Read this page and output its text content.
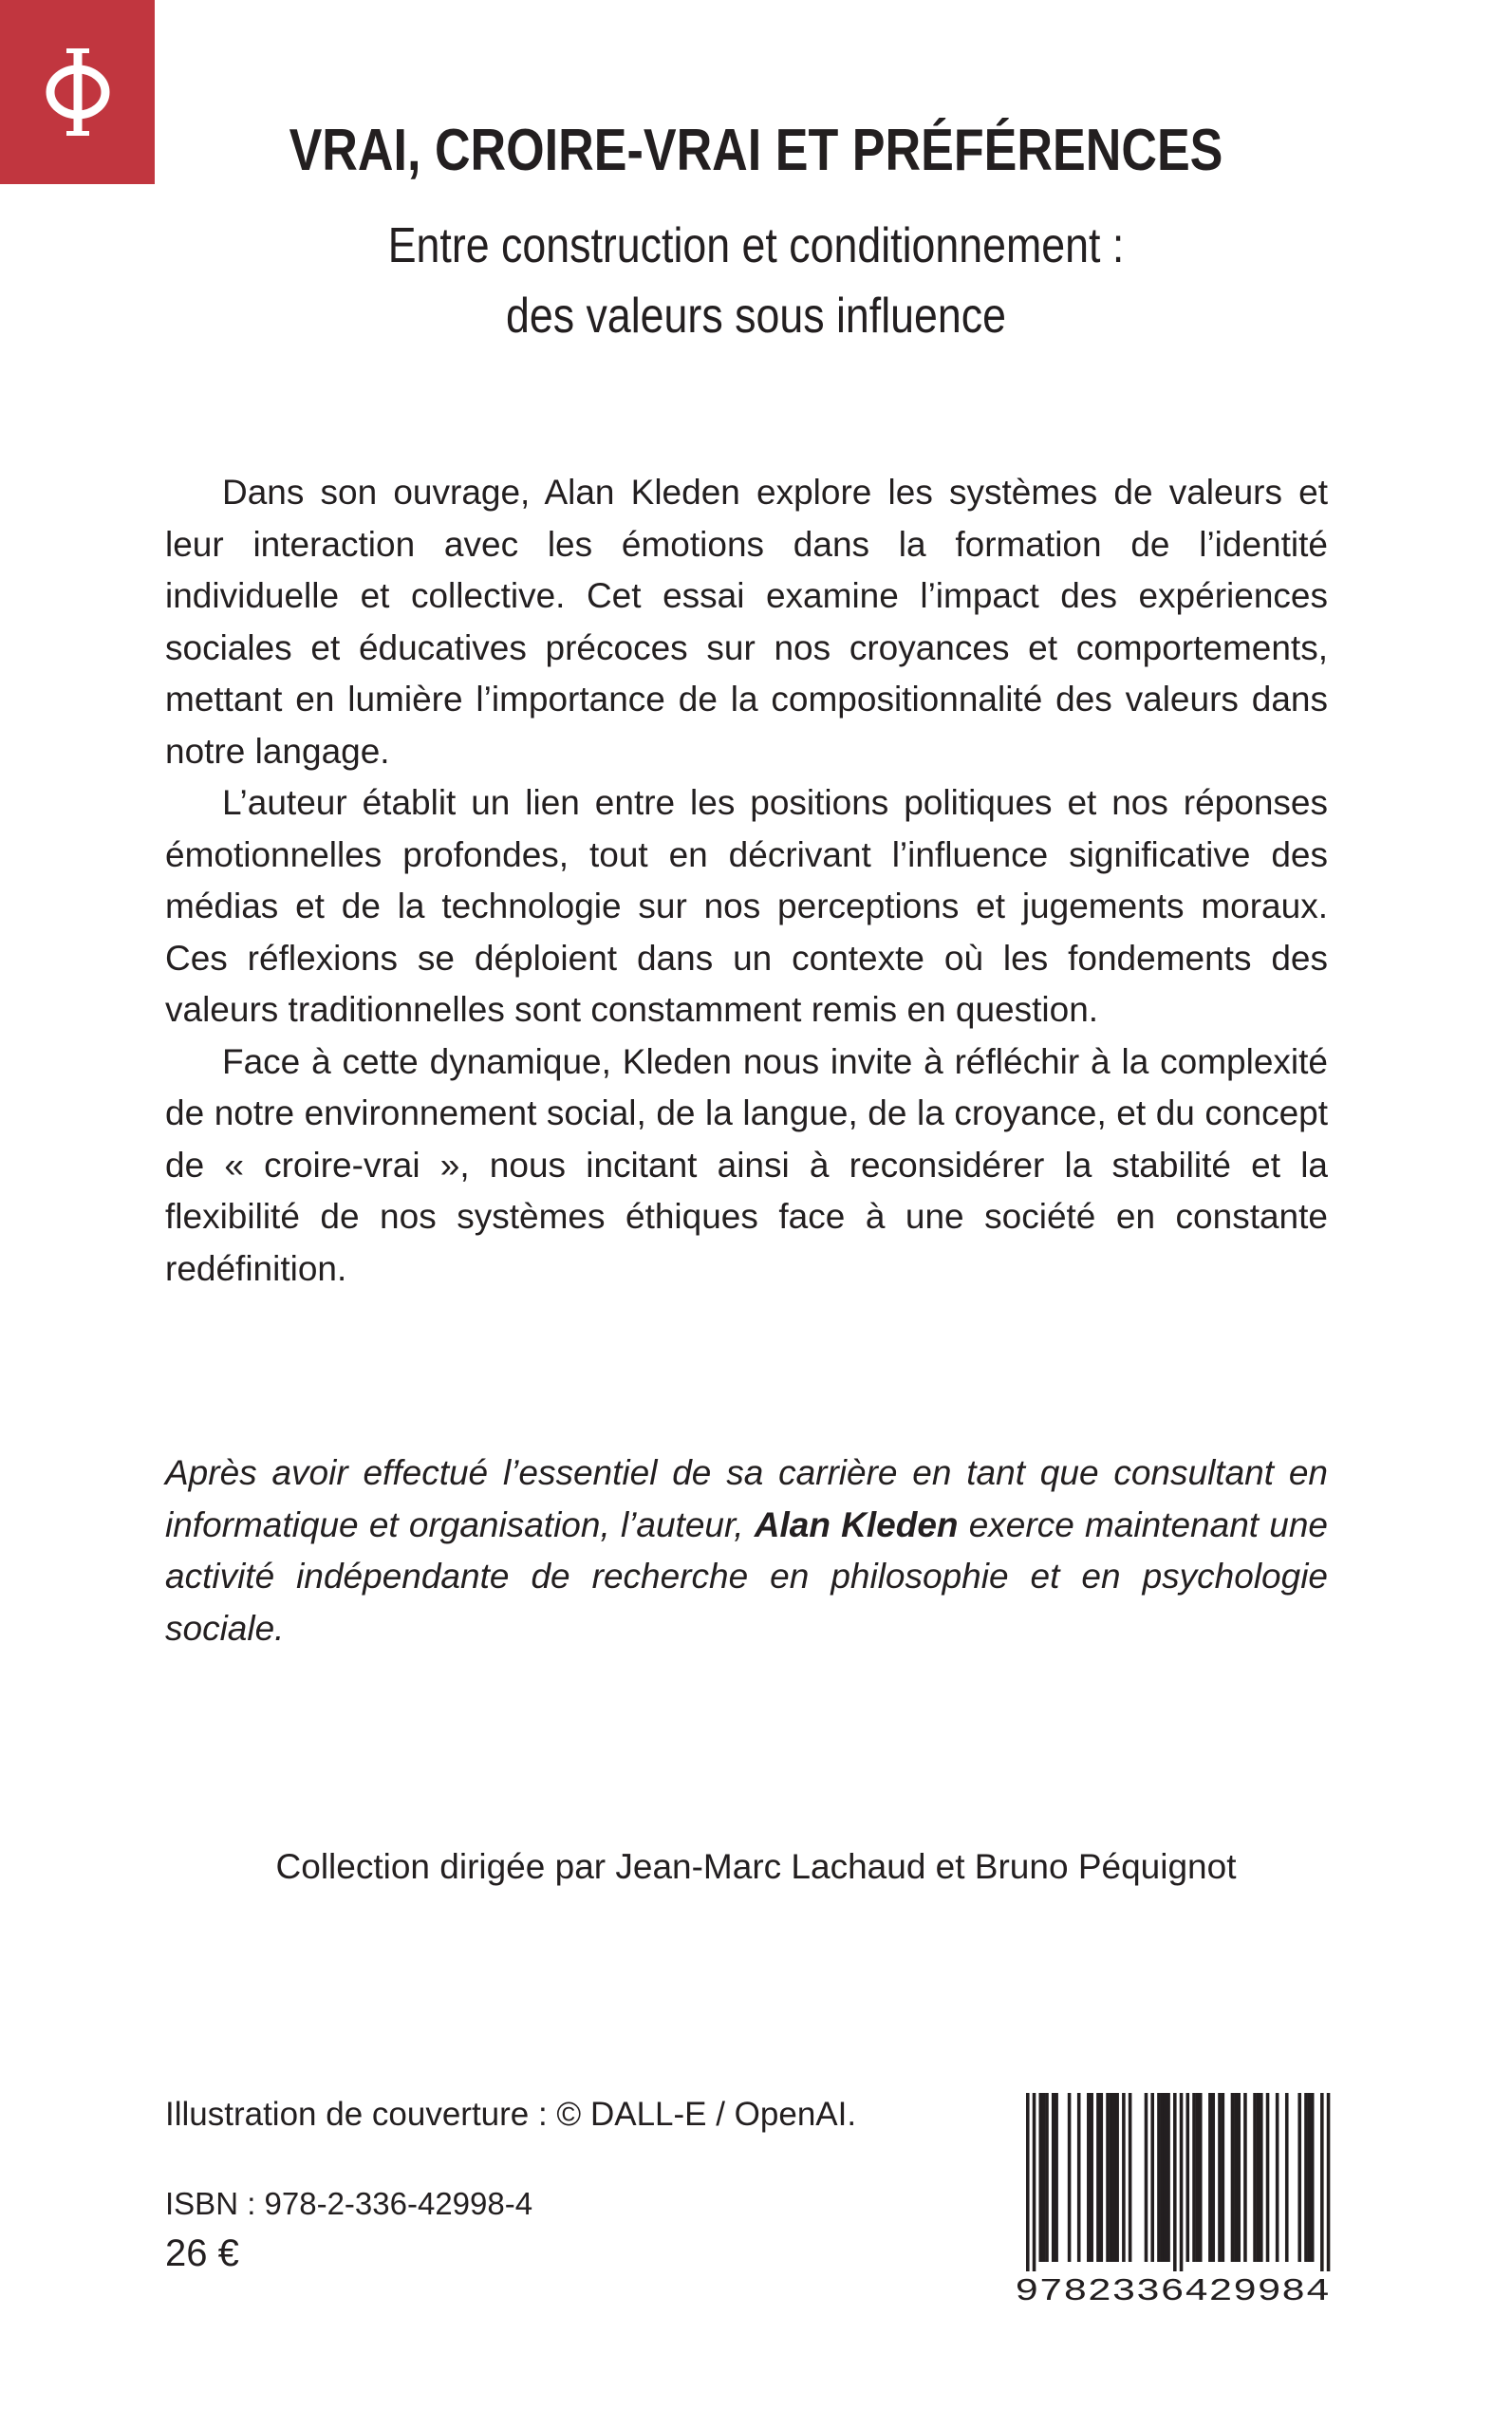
VRAI, CROIRE-VRAI ET PRÉFÉRENCES
Entre construction et conditionnement :
des valeurs sous influence

Dans son ouvrage, Alan Kleden explore les systèmes de valeurs et leur interaction avec les émotions dans la formation de l’identité individuelle et collective. Cet essai examine l’impact des expériences sociales et éducatives précoces sur nos croyances et comportements, mettant en lumière l’importance de la compositionnalité des valeurs dans notre langage.

L’auteur établit un lien entre les positions politiques et nos réponses émotionnelles profondes, tout en décrivant l’influence significative des médias et de la technologie sur nos perceptions et jugements moraux. Ces réflexions se déploient dans un contexte où les fondements des valeurs traditionnelles sont constamment remis en question.

Face à cette dynamique, Kleden nous invite à réfléchir à la complexité de notre environnement social, de la langue, de la croyance, et du concept de « croire-vrai », nous incitant ainsi à reconsidérer la stabilité et la flexibilité de nos systèmes éthiques face à une société en constante redéfinition.

Après avoir effectué l’essentiel de sa carrière en tant que consultant en informatique et organisation, l’auteur, Alan Kleden exerce maintenant une activité indépendante de recherche en philosophie et en psychologie sociale.

Collection dirigée par Jean-Marc Lachaud et Bruno Péquignot
Illustration de couverture : © DALL-E / OpenAI.
ISBN : 978-2-336-42998-4
26 €
9782336429984
